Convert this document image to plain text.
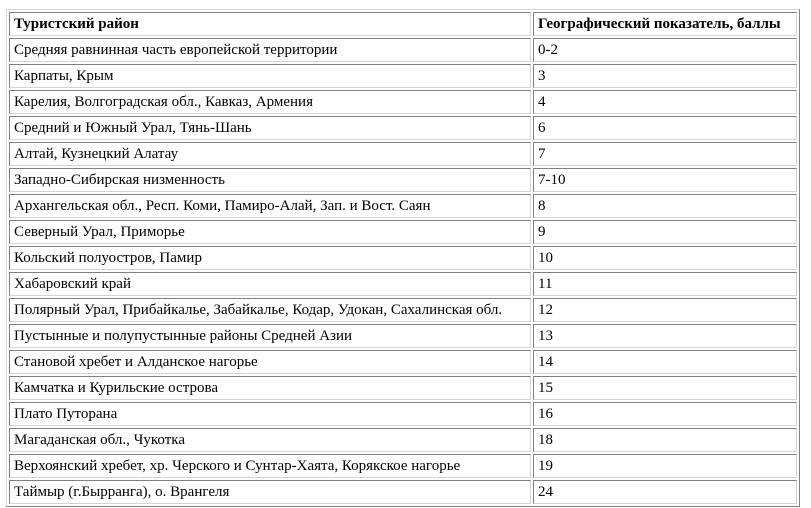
Туристский район	Географический показатель, баллы
Средняя равнинная часть европейской территории	0-2
Карпаты, Крым	3
Карелия, Волгоградская обл., Кавказ, Армения	4
Средний и Южный Урал, Тянь-Шань	6
Алтай, Кузнецкий Алатау	7
Западно-Сибирская низменность	7-10
Архангельская обл., Респ. Коми, Памиро-Алай, Зап. и Вост. Саян	8
Северный Урал, Приморье	9
Кольский полуостров, Памир	10
Хабаровский край	11
Полярный Урал, Прибайкалье, Забайкалье, Кодар, Удокан, Сахалинская обл.	12
Пустынные и полупустынные районы Средней Азии	13
Становой хребет и Алданское нагорье	14
Камчатка и Курильские острова	15
Плато Путорана	16
Магаданская обл., Чукотка	18
Верхоянский хребет, хр. Черского и Сунтар-Хаята, Корякское нагорье	19
Таймыр (г.Бырранга), о. Врангеля	24
